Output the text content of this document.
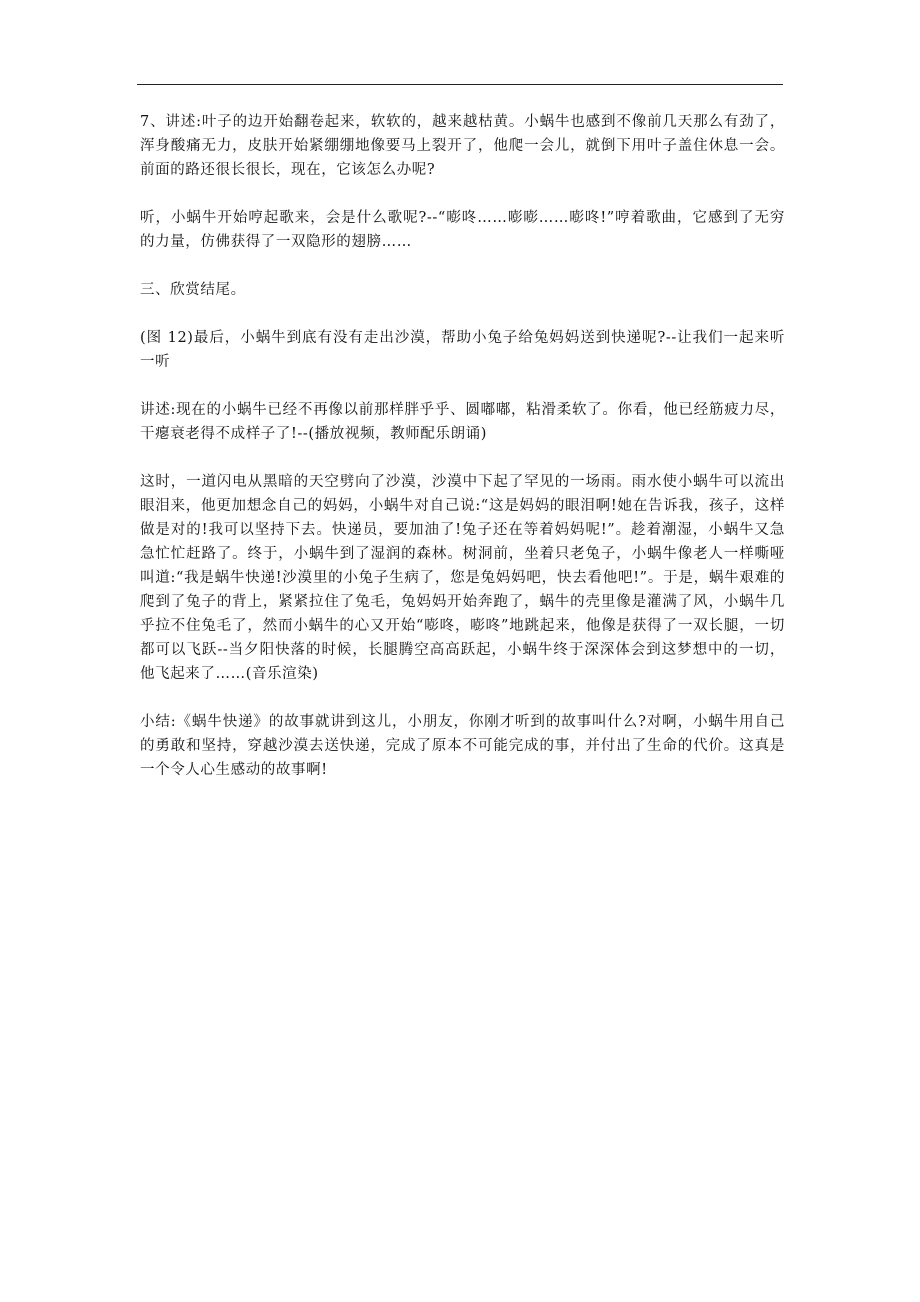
7、讲述:叶子的边开始翻卷起来，软软的，越来越枯黄。小蜗牛也感到不像前几天那么有劲了，浑身酸痛无力，皮肤开始紧绷绷地像要马上裂开了，他爬一会儿，就倒下用叶子盖住休息一会。前面的路还很长很长，现在，它该怎么办呢?

听，小蜗牛开始哼起歌来，会是什么歌呢?--“嘭咚……嘭嘭……嘭咚!”哼着歌曲，它感到了无穷的力量，仿佛获得了一双隐形的翅膀……

三、欣赏结尾。

(图 12)最后，小蜗牛到底有没有走出沙漠，帮助小兔子给兔妈妈送到快递呢?--让我们一起来听一听

讲述:现在的小蜗牛已经不再像以前那样胖乎乎、圆嘟嘟，粘滑柔软了。你看，他已经筋疲力尽，干瘪衰老得不成样子了!--(播放视频，教师配乐朗诵)

这时，一道闪电从黑暗的天空劈向了沙漠，沙漠中下起了罕见的一场雨。雨水使小蜗牛可以流出眼泪来，他更加想念自己的妈妈，小蜗牛对自己说:“这是妈妈的眼泪啊!她在告诉我，孩子，这样做是对的!我可以坚持下去。快递员，要加油了!兔子还在等着妈妈呢!”。趁着潮湿，小蜗牛又急急忙忙赶路了。终于，小蜗牛到了湿润的森林。树洞前，坐着只老兔子，小蜗牛像老人一样嘶哑叫道:“我是蜗牛快递!沙漠里的小兔子生病了，您是兔妈妈吧，快去看他吧!”。于是，蜗牛艰难的爬到了兔子的背上，紧紧拉住了兔毛，兔妈妈开始奔跑了，蜗牛的壳里像是灌满了风，小蜗牛几乎拉不住兔毛了，然而小蜗牛的心又开始“嘭咚，嘭咚”地跳起来，他像是获得了一双长腿，一切都可以飞跃--当夕阳快落的时候，长腿腾空高高跃起，小蜗牛终于深深体会到这梦想中的一切，他飞起来了……(音乐渲染)

小结:《蜗牛快递》的故事就讲到这儿，小朋友，你刚才听到的故事叫什么?对啊，小蜗牛用自己的勇敢和坚持，穿越沙漠去送快递，完成了原本不可能完成的事，并付出了生命的代价。这真是一个令人心生感动的故事啊!
